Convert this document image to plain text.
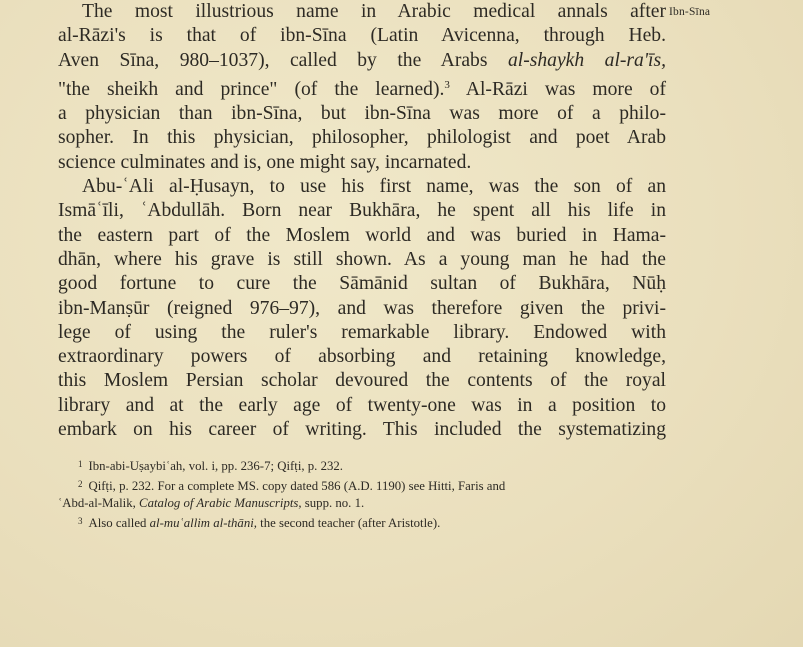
Ibn-Sīna

The most illustrious name in Arabic medical annals after
al-Rāzi's is that of ibn-Sīna (Latin Avicenna, through Heb.
Aven Sīna, 980–1037), called by the Arabs al-shaykh al-ra'īs,
"the sheikh and prince" (of the learned).$^3$ Al-Rāzi was more of
a physician than ibn-Sīna, but ibn-Sīna was more of a philo-
sopher. In this physician, philosopher, philologist and poet Arab
science culminates and is, one might say, incarnated.

Abu-ʿAli al-Ḥusayn, to use his first name, was the son of an
Ismāʿīli, ʿAbdullāh. Born near Bukhāra, he spent all his life in
the eastern part of the Moslem world and was buried in Hama-
dhān, where his grave is still shown. As a young man he had the
good fortune to cure the Sāmānid sultan of Bukhāra, Nūḥ
ibn-Manṣūr (reigned 976–97), and was therefore given the privi-
lege of using the ruler's remarkable library. Endowed with
extraordinary powers of absorbing and retaining knowledge,
this Moslem Persian scholar devoured the contents of the royal
library and at the early age of twenty-one was in a position to
embark on his career of writing. This included the systematizing

$^1$ Ibn-abi-Uṣaybiʿah, vol. i, pp. 236-7; Qifṭi, p. 232.
$^2$ Qifṭi, p. 232. For a complete MS. copy dated 586 (A.D. 1190) see Hitti, Faris and
ʿAbd-al-Malik, Catalog of Arabic Manuscripts, supp. no. 1.
$^3$ Also called al-muʿallim al-thāni, the second teacher (after Aristotle).
